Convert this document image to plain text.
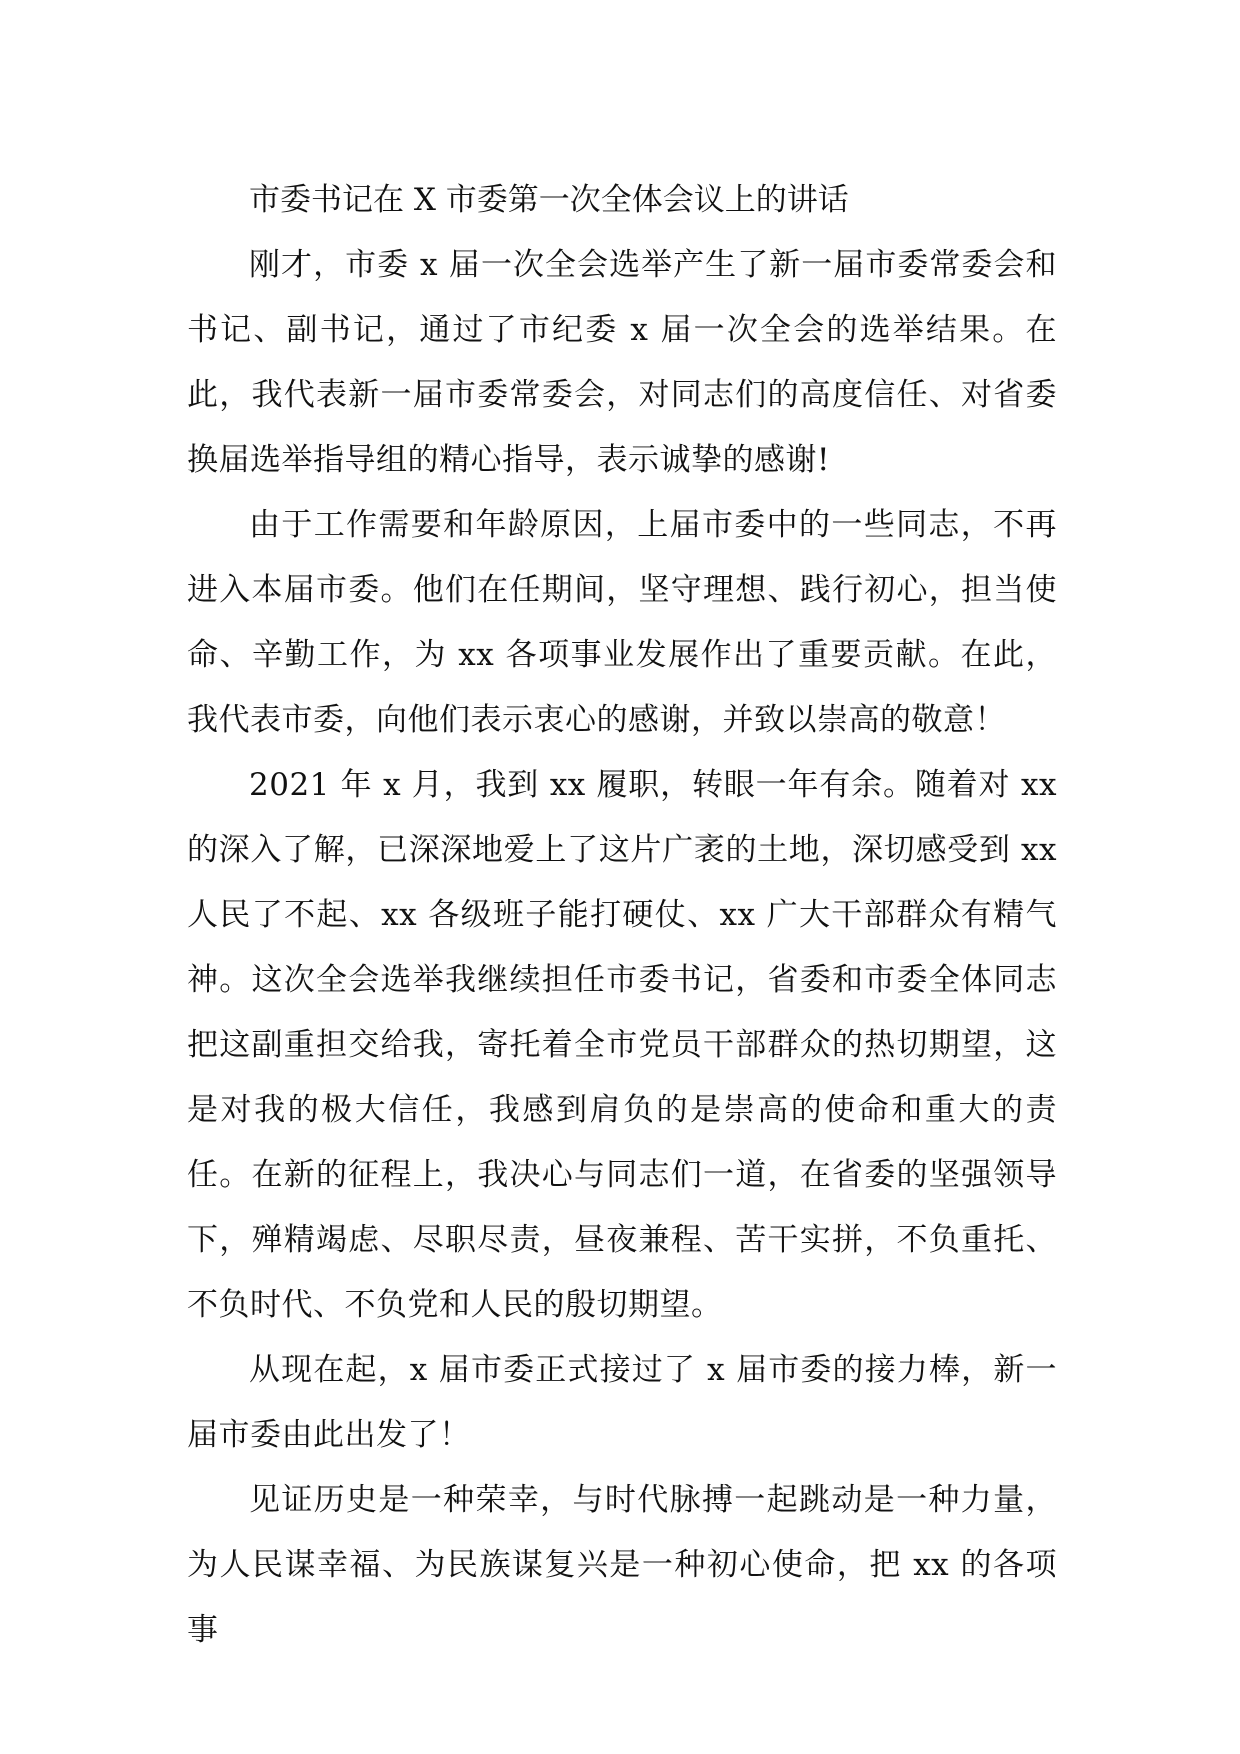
市委书记在 X 市委第一次全体会议上的讲话

刚才，市委 x 届一次全会选举产生了新一届市委常委会和书记、副书记，通过了市纪委 x 届一次全会的选举结果。在此，我代表新一届市委常委会，对同志们的高度信任、对省委换届选举指导组的精心指导，表示诚挚的感谢!

由于工作需要和年龄原因，上届市委中的一些同志，不再进入本届市委。他们在任期间，坚守理想、践行初心，担当使命、辛勤工作，为 xx 各项事业发展作出了重要贡献。在此，我代表市委，向他们表示衷心的感谢，并致以崇高的敬意！

2021 年 x 月，我到 xx 履职，转眼一年有余。随着对 xx 的深入了解，已深深地爱上了这片广袤的土地，深切感受到 xx 人民了不起、xx 各级班子能打硬仗、xx 广大干部群众有精气神。这次全会选举我继续担任市委书记，省委和市委全体同志把这副重担交给我，寄托着全市党员干部群众的热切期望，这是对我的极大信任，我感到肩负的是崇高的使命和重大的责任。在新的征程上，我决心与同志们一道，在省委的坚强领导下，殚精竭虑、尽职尽责，昼夜兼程、苦干实拼，不负重托、不负时代、不负党和人民的殷切期望。

从现在起，x 届市委正式接过了 x 届市委的接力棒，新一届市委由此出发了！

见证历史是一种荣幸，与时代脉搏一起跳动是一种力量，为人民谋幸福、为民族谋复兴是一种初心使命，把 xx 的各项事
